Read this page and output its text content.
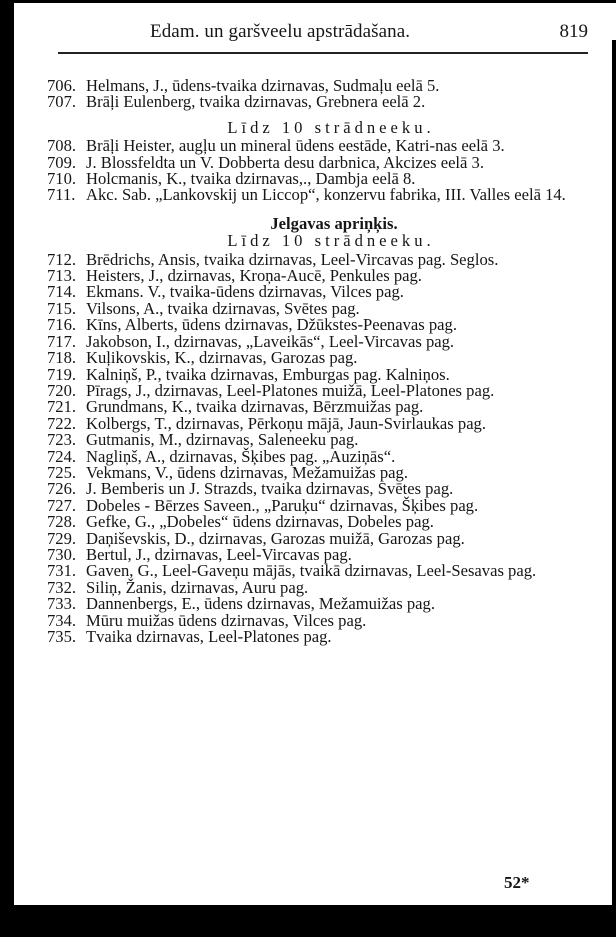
Edam. un garšveelu apstrādašana.	819
706. Helmans, J., ūdens-tvaika dzirnavas, Sudmaļu eelā 5.
707. Brāļi Eulenberg, tvaika dzirnavas, Grebnera eelā 2.
Līdz 10 strādneeku.
708. Brāļi Heister, augļu un mineral ūdens eestāde, Katri-nas eelā 3.
709. J. Blossfeldta un V. Dobberta desu darbnica, Akcizes eelā 3.
710. Holcmanis, K., tvaika dzirnavas,., Dambja eelā 8.
711. Akc. Sab. „Lankovskij un Liccop“, konzervu fabrika, III. Valles eelā 14.
Jelgavas apriņķis.
Līdz 10 strādneeku.
712. Brēdrichs, Ansis, tvaika dzirnavas, Leel-Vircavas pag. Seglos.
713. Heisters, J., dzirnavas, Kroņa-Aucē, Penkules pag.
714. Ekmans. V., tvaika-ūdens dzirnavas, Vilces pag.
715. Vilsons, A., tvaika dzirnavas, Svētes pag.
716. Kīns, Alberts, ūdens dzirnavas, Džūkstes-Peenavas pag.
717. Jakobson, I., dzirnavas, „Laveikās“, Leel-Vircavas pag.
718. Kuļikovskis, K., dzirnavas, Garozas pag.
719. Kalniņš, P., tvaika dzirnavas, Emburgas pag. Kalniņos.
720. Pīrags, J., dzirnavas, Leel-Platones muižā, Leel-Platones pag.
721. Grundmans, K., tvaika dzirnavas, Bērzmuižas pag.
722. Kolbergs, T., dzirnavas, Pērkoņu mājā, Jaun-Svirlaukas pag.
723. Gutmanis, M., dzirnavas, Saleneeku pag.
724. Nagliņš, A., dzirnavas, Šķibes pag. „Auziņās“.
725. Vekmans, V., ūdens dzirnavas, Mežamuižas pag.
726. J. Bemberis un J. Strazds, tvaika dzirnavas, Svētes pag.
727. Dobeles - Bērzes Saveen., „Paruķu“ dzirnavas, Šķibes pag.
728. Gefke, G., „Dobeles“ ūdens dzirnavas, Dobeles pag.
729. Daņiševskis, D., dzirnavas, Garozas muižā, Garozas pag.
730. Bertul, J., dzirnavas, Leel-Vircavas pag.
731. Gaven, G., Leel-Gaveņu mājās, tvaikā dzirnavas, Leel-Sesavas pag.
732. Siliņ, Žanis, dzirnavas, Auru pag.
733. Dannenbergs, E., ūdens dzirnavas, Mežamuižas pag.
734. Mūru muižas ūdens dzirnavas, Vilces pag.
735. Tvaika dzirnavas, Leel-Platones pag.
52*
